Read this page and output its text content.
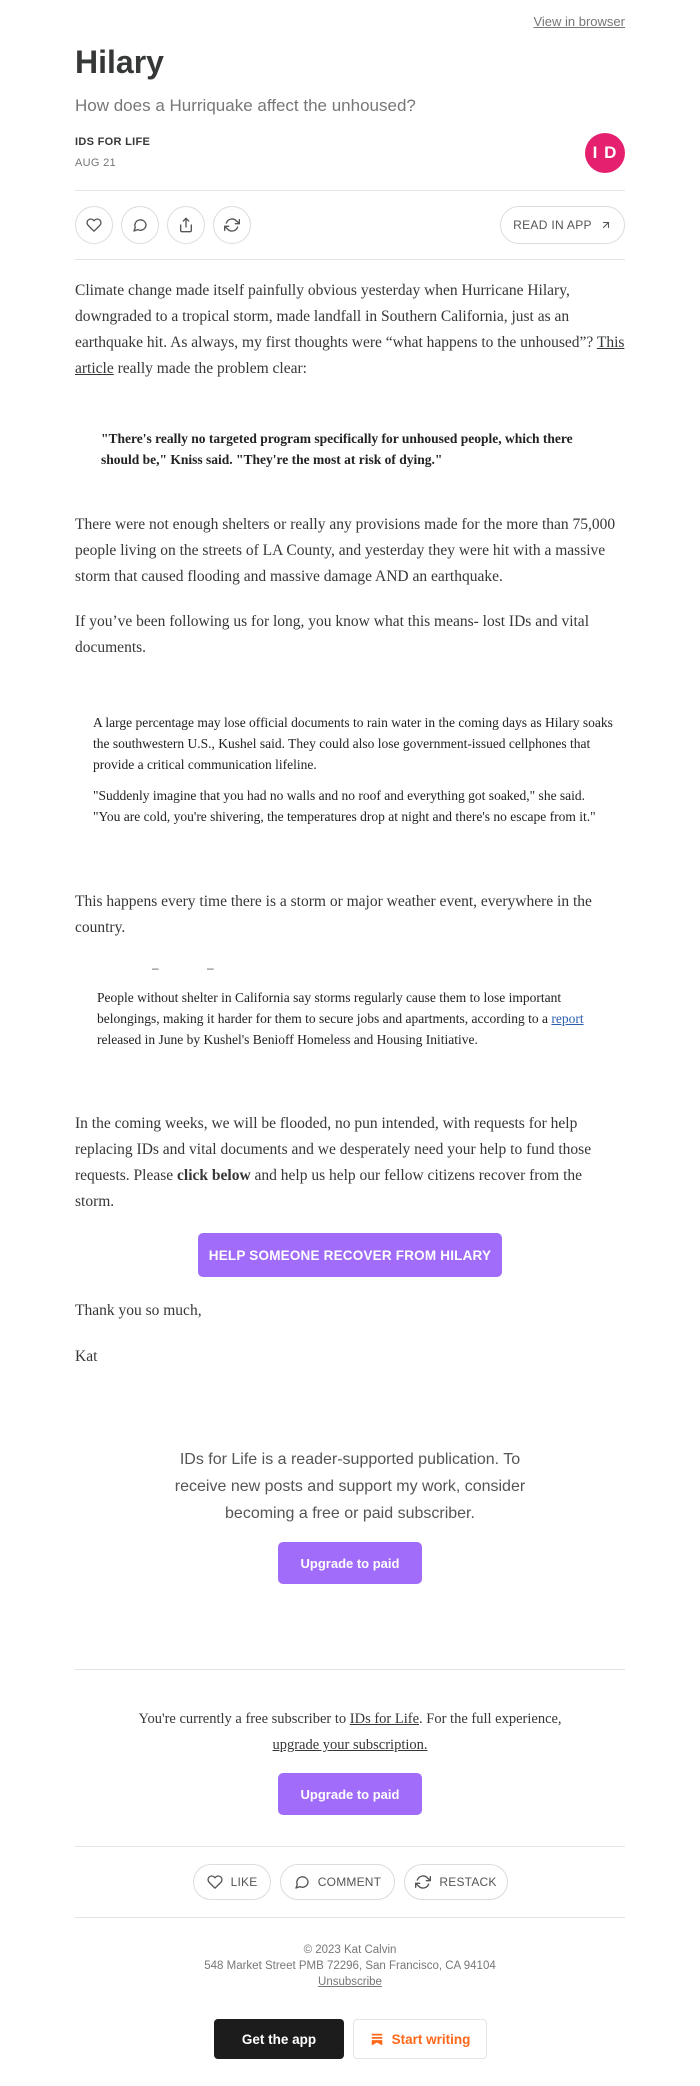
View in browser
Hilary
How does a Hurriquake affect the unhoused?
IDS FOR LIFE
AUG 21
I D
READ IN APP

Climate change made itself painfully obvious yesterday when Hurricane Hilary, downgraded to a tropical storm, made landfall in Southern California, just as an earthquake hit. As always, my first thoughts were “what happens to the unhoused”? This article really made the problem clear:

"There's really no targeted program specifically for unhoused people, which there should be," Kniss said. "They're the most at risk of dying."

There were not enough shelters or really any provisions made for the more than 75,000 people living on the streets of LA County, and yesterday they were hit with a massive storm that caused flooding and massive damage AND an earthquake.

If you’ve been following us for long, you know what this means- lost IDs and vital documents.

A large percentage may lose official documents to rain water in the coming days as Hilary soaks the southwestern U.S., Kushel said. They could also lose government-issued cellphones that provide a critical communication lifeline.
"Suddenly imagine that you had no walls and no roof and everything got soaked," she said. "You are cold, you're shivering, the temperatures drop at night and there's no escape from it."

This happens every time there is a storm or major weather event, everywhere in the country.

–	–
People without shelter in California say storms regularly cause them to lose important belongings, making it harder for them to secure jobs and apartments, according to a report released in June by Kushel's Benioff Homeless and Housing Initiative.

In the coming weeks, we will be flooded, no pun intended, with requests for help replacing IDs and vital documents and we desperately need your help to fund those requests. Please click below and help us help our fellow citizens recover from the storm.

HELP SOMEONE RECOVER FROM HILARY

Thank you so much,

Kat

IDs for Life is a reader-supported publication. To receive new posts and support my work, consider becoming a free or paid subscriber.
Upgrade to paid
You're currently a free subscriber to IDs for Life. For the full experience,
upgrade your subscription.
Upgrade to paid
LIKE	COMMENT	RESTACK
© 2023 Kat Calvin
548 Market Street PMB 72296, San Francisco, CA 94104
Unsubscribe
Get the app	Start writing
